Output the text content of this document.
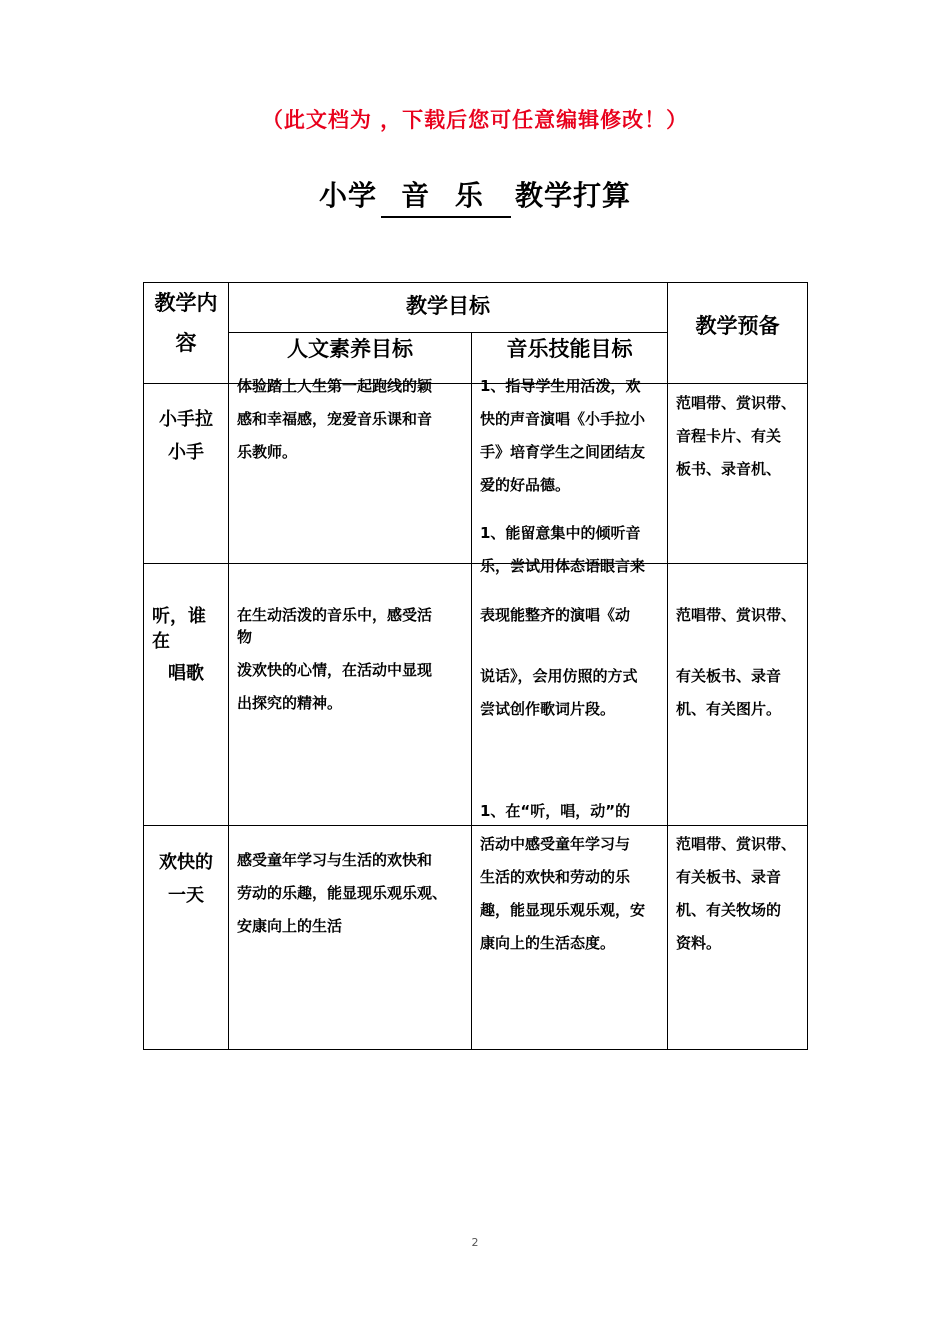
（此文档为 ，下载后您可任意编辑修改！）
小学 音 乐 教学打算
教学内
容
教学目标
人文素养目标	音乐技能目标
教学预备
小手拉
小手
体验踏上人生第一起跑线的颖
感和幸福感，宠爱音乐课和音
乐教师。
1、指导学生用活泼，欢
快的声音演唱《小手拉小
手》培育学生之间团结友
爱的好品德。
1、能留意集中的倾听音
乐，尝试用体态语眼言来
范唱带、赏识带、
音程卡片、有关
板书、录音机、
听，谁
在
唱歌
在生动活泼的音乐中，感受活
物
泼欢快的心情，在活动中显现
出探究的精神。
表现能整齐的演唱《动
说话》，会用仿照的方式
尝试创作歌词片段。
1、在“听，唱，动”的
范唱带、赏识带、
有关板书、录音
机、有关图片。
欢快的
一天
感受童年学习与生活的欢快和
劳动的乐趣，能显现乐观乐观、
安康向上的生活
活动中感受童年学习与
生活的欢快和劳动的乐
趣，能显现乐观乐观，安
康向上的生活态度。
范唱带、赏识带、
有关板书、录音
机、有关牧场的
资料。
2
